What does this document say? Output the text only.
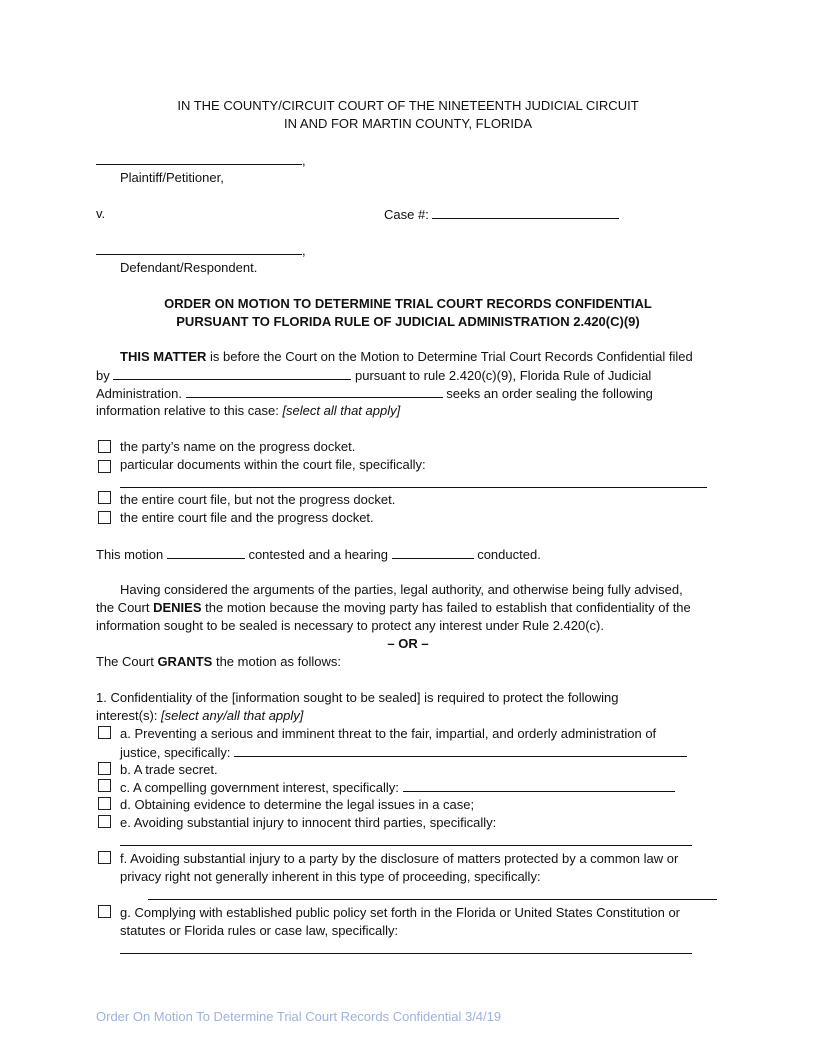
IN THE COUNTY/CIRCUIT COURT OF THE NINETEENTH JUDICIAL CIRCUIT
IN AND FOR MARTIN COUNTY, FLORIDA
,
Plaintiff/Petitioner,
v.	Case #:
,
Defendant/Respondent.
ORDER ON MOTION TO DETERMINE TRIAL COURT RECORDS CONFIDENTIAL
PURSUANT TO FLORIDA RULE OF JUDICIAL ADMINISTRATION 2.420(C)(9)
THIS MATTER is before the Court on the Motion to Determine Trial Court Records Confidential filed
by	pursuant to rule 2.420(c)(9), Florida Rule of Judicial
Administration.	seeks an order sealing the following
information relative to this case: [select all that apply]
the party’s name on the progress docket.
particular documents within the court file, specifically:
the entire court file, but not the progress docket.
the entire court file and the progress docket.
This motion	contested and a hearing	conducted.
Having considered the arguments of the parties, legal authority, and otherwise being fully advised,
the Court DENIES the motion because the moving party has failed to establish that confidentiality of the
information sought to be sealed is necessary to protect any interest under Rule 2.420(c).
– OR –
The Court GRANTS the motion as follows:
1. Confidentiality of the [information sought to be sealed] is required to protect the following
interest(s): [select any/all that apply]
a. Preventing a serious and imminent threat to the fair, impartial, and orderly administration of
justice, specifically:
b. A trade secret.
c. A compelling government interest, specifically:
d. Obtaining evidence to determine the legal issues in a case;
e. Avoiding substantial injury to innocent third parties, specifically:
f. Avoiding substantial injury to a party by the disclosure of matters protected by a common law or
privacy right not generally inherent in this type of proceeding, specifically:
g. Complying with established public policy set forth in the Florida or United States Constitution or
statutes or Florida rules or case law, specifically:
Order On Motion To Determine Trial Court Records Confidential 3/4/19
